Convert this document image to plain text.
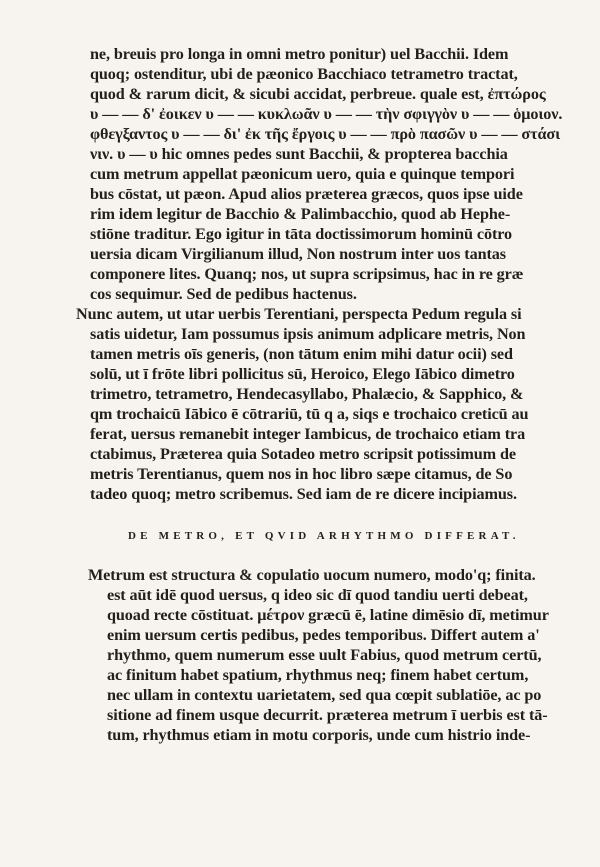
ne, breuis pro longa in omni metro ponitur) uel Bacchii. Idem
quoq; ostenditur, ubi de pæonico Bacchiaco tetrametro tractat,
quod & rarum dicit, & sicubi accidat, perbreue. quale est, ἐπτώρος
υ — — δ' ἐοικεν υ — — κυκλωᾶν υ — — τὴν σφιγγὸν υ — — ὁμοιον.
φθεγξαντος υ — — δι' ἐκ τῆς ἔργοις υ — — πρὸ πασῶν υ — — στάσι
νιν. υ — υ hic omnes pedes sunt Bacchii, & propterea bacchia
cum metrum appellat pæonicum uero, quia e quinque tempori
bus cōstat, ut pæon. Apud alios præterea græcos, quos ipse uide
rim idem legitur de Bacchio & Palimbacchio, quod ab Hephe-
stiōne traditur. Ego igitur in tāta doctissimorum hominū cōtro
uersia dicam Virgilianum illud, Non nostrum inter uos tantas
componere lites. Quanq; nos, ut supra scripsimus, hac in re græ
cos sequimur. Sed de pedibus hactenus.
Nunc autem, ut utar uerbis Terentiani, perspecta Pedum regula si
satis uidetur, Iam possumus ipsis animum adplicare metris, Non
tamen metris oīs generis, (non tātum enim mihi datur ocii) sed
solū, ut ī frōte libri pollicitus sū, Heroico, Elego Iābico dimetro
trimetro, tetrametro, Hendecasyllabo, Phalæcio, & Sapphico, &
qm trochaicū Iābico ē cōtrariū, tū q a, siqs e trochaico creticū au
ferat, uersus remanebit integer Iambicus, de trochaico etiam tra
ctabimus, Præterea quia Sotadeo metro scripsit potissimum de
metris Terentianus, quem nos in hoc libro sæpe citamus, de So
tadeo quoq; metro scribemus. Sed iam de re dicere incipiamus.
DE METRO, ET QVID ARHYTHMO DIFFERAT.
Metrum est structura & copulatio uocum numero, modo'q; finita.
est aūt idē quod uersus, q ideo sic dī quod tandiu uerti debeat,
quoad recte cōstituat. μέτρον græcū ē, latine dimēsio dī, metimur
enim uersum certis pedibus, pedes temporibus. Differt autem a'
rhythmo, quem numerum esse uult Fabius, quod metrum certū,
ac finitum habet spatium, rhythmus neq; finem habet certum,
nec ullam in contextu uarietatem, sed qua cœpit sublatiōe, ac po
sitione ad finem usque decurrit. præterea metrum ī uerbis est tā-
tum, rhythmus etiam in motu corporis, unde cum histrio inde-
